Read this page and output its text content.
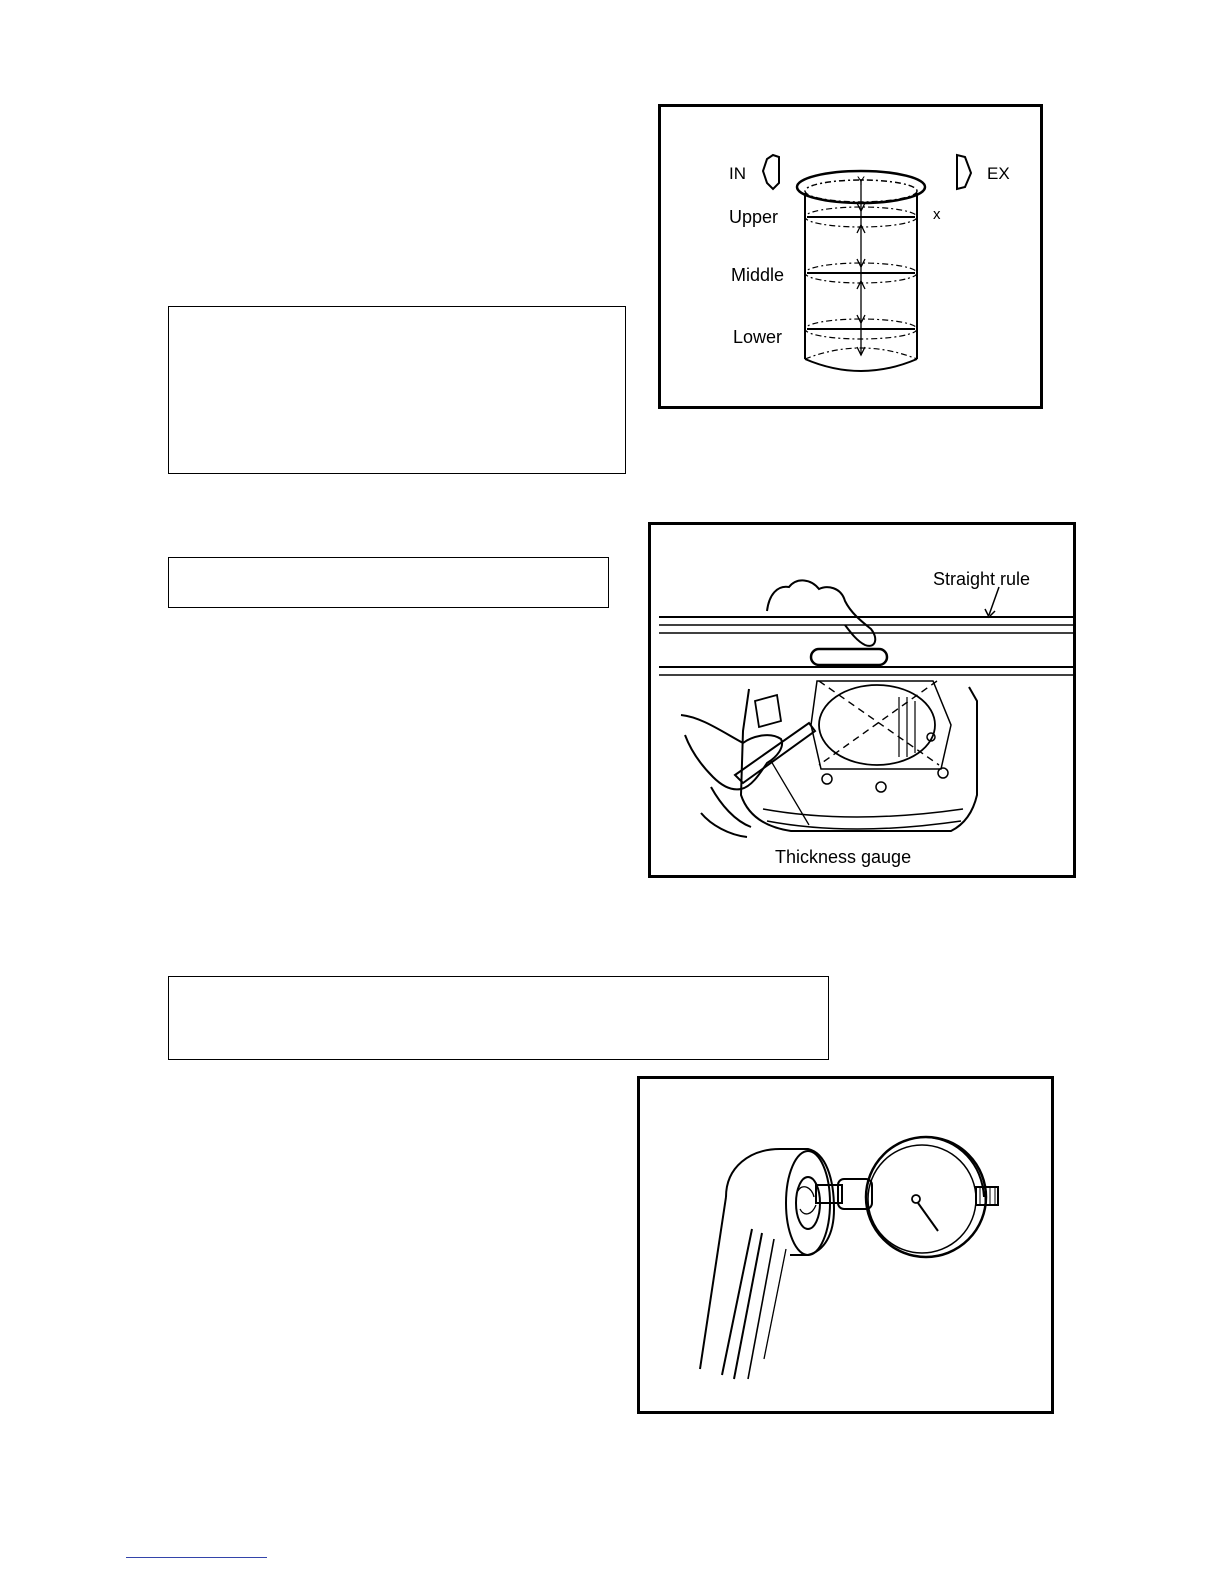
IN	EX
Y
x
Upper
Middle
Lower
Straight rule
Thickness gauge
